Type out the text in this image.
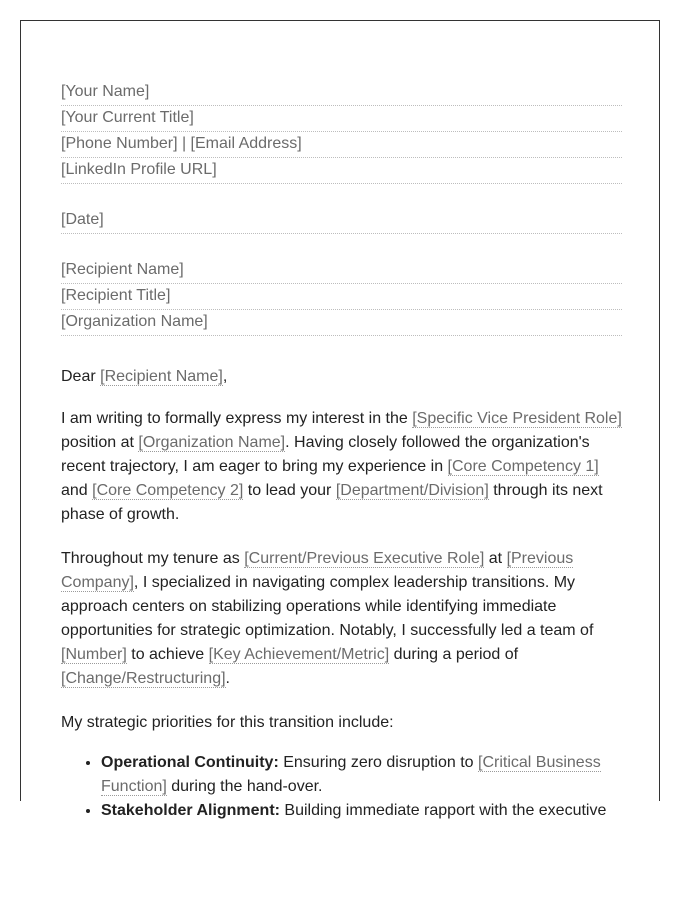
[Your Name]
[Your Current Title]
[Phone Number] | [Email Address]
[LinkedIn Profile URL]
[Date]
[Recipient Name]
[Recipient Title]
[Organization Name]
Dear [Recipient Name],

I am writing to formally express my interest in the [Specific Vice President Role] position at [Organization Name]. Having closely followed the organization's recent trajectory, I am eager to bring my experience in [Core Competency 1] and [Core Competency 2] to lead your [Department/Division] through its next phase of growth.

Throughout my tenure as [Current/Previous Executive Role] at [Previous Company], I specialized in navigating complex leadership transitions. My approach centers on stabilizing operations while identifying immediate opportunities for strategic optimization. Notably, I successfully led a team of [Number] to achieve [Key Achievement/Metric] during a period of [Change/Restructuring].

My strategic priorities for this transition include:

• Operational Continuity: Ensuring zero disruption to [Critical Business Function] during the hand-over.
• Stakeholder Alignment: Building immediate rapport with the executive
